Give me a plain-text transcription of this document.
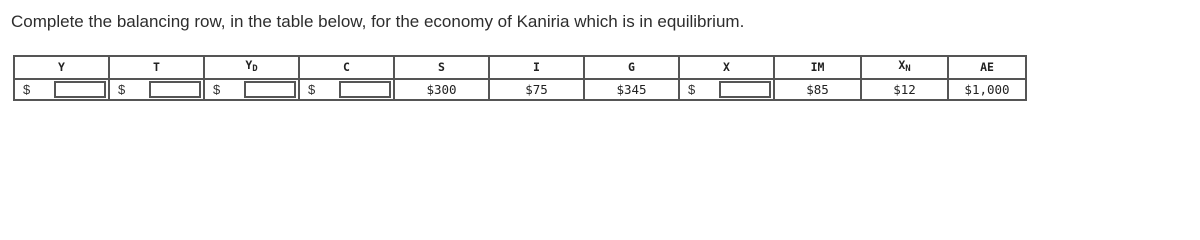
Complete the balancing row, in the table below, for the economy of Kaniria which is in equilibrium.
Y	T	$Y_D$	C	S	I	G	X	IM	$X_N$	AE

$	$	$	$	$300	$75	$345	$	$85	$12	$1,000
